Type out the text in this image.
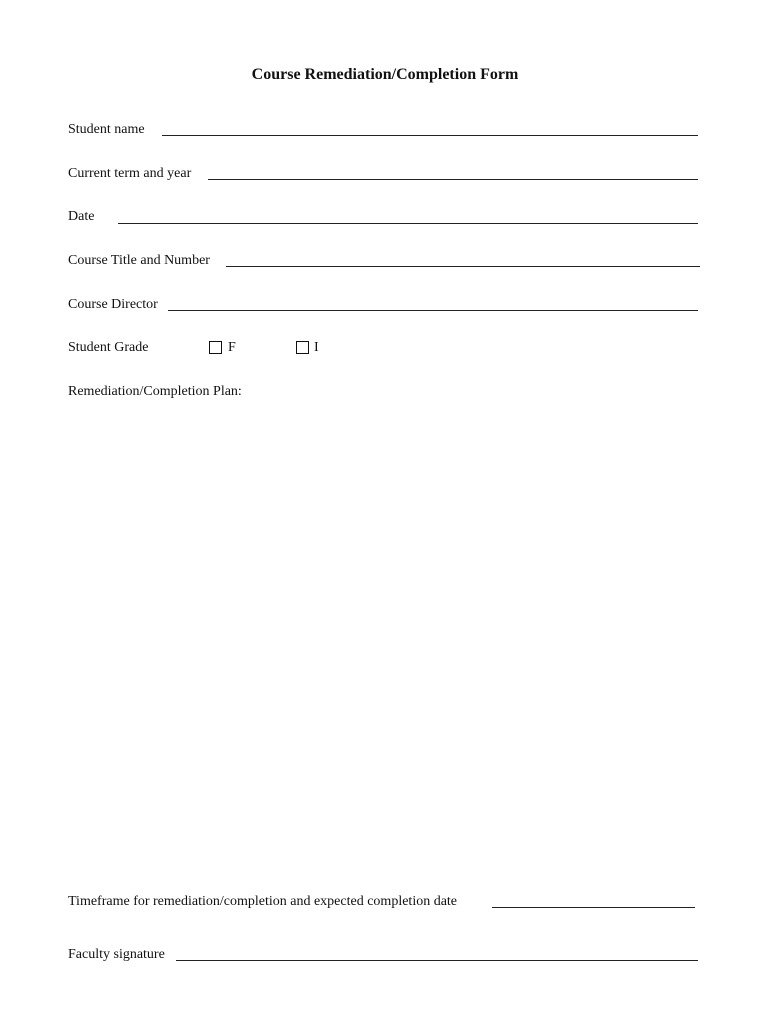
Course Remediation/Completion Form
Student name
Current term and year
Date
Course Title and Number
Course Director
Student Grade	F	I
Remediation/Completion Plan:
Timeframe for remediation/completion and expected completion date
Faculty signature
